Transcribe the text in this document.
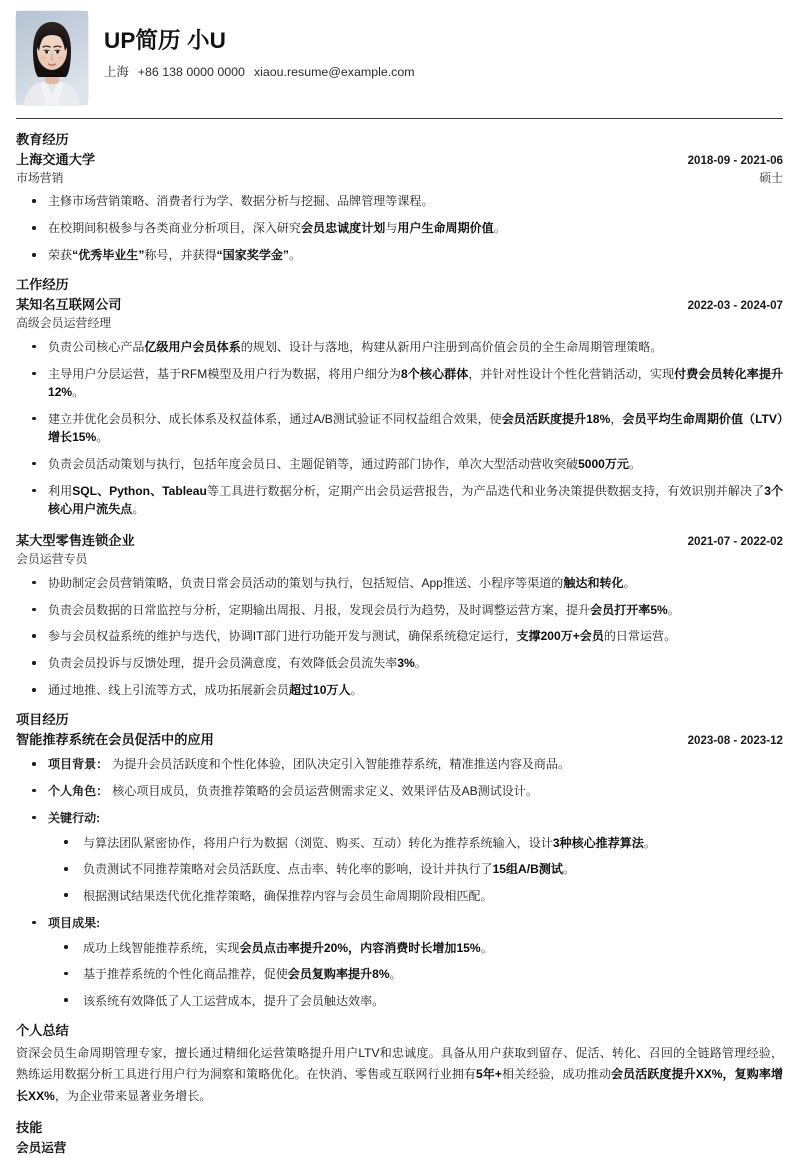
UP简历 小U
上海 +86 138 0000 0000 xiaou.resume@example.com
教育经历
上海交通大学	2018-09 - 2021-06
市场营销	硕士
主修市场营销策略、消费者行为学、数据分析与挖掘、品牌管理等课程。
在校期间积极参与各类商业分析项目，深入研究会员忠诚度计划与用户生命周期价值。
荣获“优秀毕业生”称号，并获得“国家奖学金”。
工作经历
某知名互联网公司	2022-03 - 2024-07
高级会员运营经理
负责公司核心产品亿级用户会员体系的规划、设计与落地，构建从新用户注册到高价值会员的全生命周期管理策略。
主导用户分层运营，基于RFM模型及用户行为数据，将用户细分为8个核心群体，并针对性设计个性化营销活动，实现付费会员转化率提升12%。
建立并优化会员积分、成长体系及权益体系，通过A/B测试验证不同权益组合效果，使会员活跃度提升18%，会员平均生命周期价值（LTV）增长15%。
负责会员活动策划与执行，包括年度会员日、主题促销等，通过跨部门协作，单次大型活动营收突破5000万元。
利用SQL、Python、Tableau等工具进行数据分析，定期产出会员运营报告，为产品迭代和业务决策提供数据支持，有效识别并解决了3个核心用户流失点。
某大型零售连锁企业	2021-07 - 2022-02
会员运营专员
协助制定会员营销策略，负责日常会员活动的策划与执行，包括短信、App推送、小程序等渠道的触达和转化。
负责会员数据的日常监控与分析，定期输出周报、月报，发现会员行为趋势，及时调整运营方案，提升会员打开率5%。
参与会员权益系统的维护与迭代，协调IT部门进行功能开发与测试，确保系统稳定运行，支撑200万+会员的日常运营。
负责会员投诉与反馈处理，提升会员满意度，有效降低会员流失率3%。
通过地推、线上引流等方式，成功拓展新会员超过10万人。
项目经历
智能推荐系统在会员促活中的应用	2023-08 - 2023-12
项目背景： 为提升会员活跃度和个性化体验，团队决定引入智能推荐系统，精准推送内容及商品。
个人角色： 核心项目成员，负责推荐策略的会员运营侧需求定义、效果评估及AB测试设计。
关键行动:
与算法团队紧密协作，将用户行为数据（浏览、购买、互动）转化为推荐系统输入，设计3种核心推荐算法。
负责测试不同推荐策略对会员活跃度、点击率、转化率的影响，设计并执行了15组A/B测试。
根据测试结果迭代优化推荐策略，确保推荐内容与会员生命周期阶段相匹配。
项目成果:
成功上线智能推荐系统，实现会员点击率提升20%，内容消费时长增加15%。
基于推荐系统的个性化商品推荐，促使会员复购率提升8%。
该系统有效降低了人工运营成本，提升了会员触达效率。
个人总结
资深会员生命周期管理专家，擅长通过精细化运营策略提升用户LTV和忠诚度。具备从用户获取到留存、促活、转化、召回的全链路管理经验，熟练运用数据分析工具进行用户行为洞察和策略优化。在快消、零售或互联网行业拥有5年+相关经验，成功推动会员活跃度提升XX%，复购率增长XX%，为企业带来显著业务增长。
技能
会员运营
